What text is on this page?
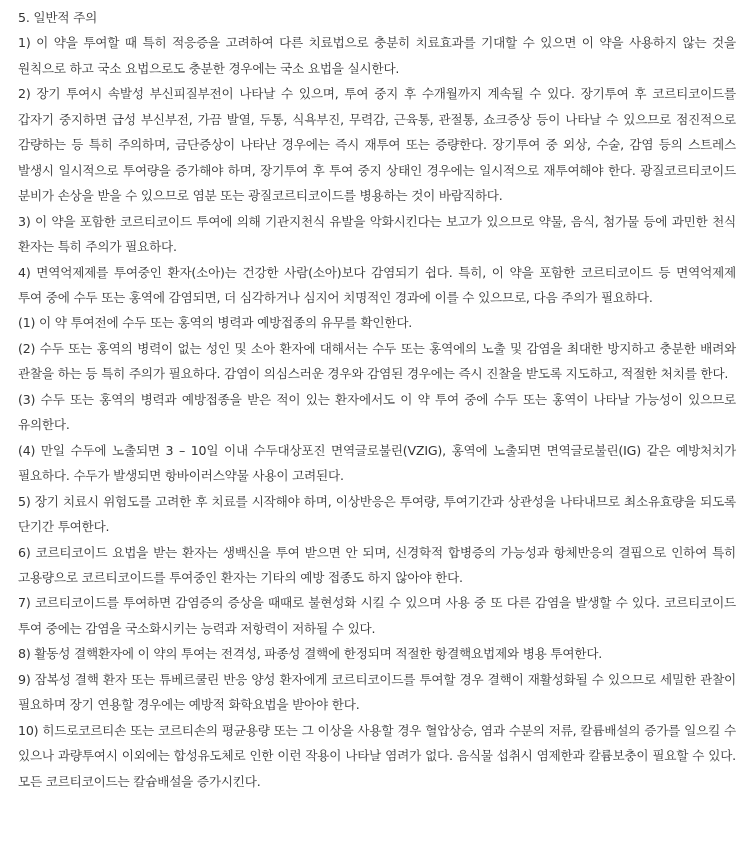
5. 일반적 주의

1) 이 약을 투여할 때 특히 적응증을 고려하여 다른 치료법으로 충분히 치료효과를 기대할 수 있으면 이 약을 사용하지 않는 것을 원칙으로 하고 국소 요법으로도 충분한 경우에는 국소 요법을 실시한다.

2) 장기 투여시 속발성 부신피질부전이 나타날 수 있으며, 투여 중지 후 수개월까지 계속될 수 있다. 장기투여 후 코르티코이드를 갑자기 중지하면 급성 부신부전, 가끔 발열, 두통, 식욕부진, 무력감, 근육통, 관절통, 쇼크증상 등이 나타날 수 있으므로 점진적으로 감량하는 등 특히 주의하며, 금단증상이 나타난 경우에는 즉시 재투여 또는 증량한다. 장기투여 중 외상, 수술, 감염 등의 스트레스 발생시 일시적으로 투여량을 증가해야 하며, 장기투여 후 투여 중지 상태인 경우에는 일시적으로 재투여해야 한다. 광질코르티코이드 분비가 손상을 받을 수 있으므로 염분 또는 광질코르티코이드를 병용하는 것이 바람직하다.

3) 이 약을 포함한 코르티코이드 투여에 의해 기관지천식 유발을 악화시킨다는 보고가 있으므로 약물, 음식, 첨가물 등에 과민한 천식 환자는 특히 주의가 필요하다.

4) 면역억제제를 투여중인 환자(소아)는 건강한 사람(소아)보다 감염되기 쉽다. 특히, 이 약을 포함한 코르티코이드 등 면역억제제 투여 중에 수두 또는 홍역에 감염되면, 더 심각하거나 심지어 치명적인 경과에 이를 수 있으므로, 다음 주의가 필요하다.

(1) 이 약 투여전에 수두 또는 홍역의 병력과 예방접종의 유무를 확인한다.

(2) 수두 또는 홍역의 병력이 없는 성인 및 소아 환자에 대해서는 수두 또는 홍역에의 노출 및 감염을 최대한 방지하고 충분한 배려와 관찰을 하는 등 특히 주의가 필요하다. 감염이 의심스러운 경우와 감염된 경우에는 즉시 진찰을 받도록 지도하고, 적절한 처치를 한다.

(3) 수두 또는 홍역의 병력과 예방접종을 받은 적이 있는 환자에서도 이 약 투여 중에 수두 또는 홍역이 나타날 가능성이 있으므로 유의한다.

(4) 만일 수두에 노출되면 3 – 10일 이내 수두대상포진 면역글로불린(VZIG), 홍역에 노출되면 면역글로불린(IG) 같은 예방처치가 필요하다. 수두가 발생되면 항바이러스약물 사용이 고려된다.

5) 장기 치료시 위험도를 고려한 후 치료를 시작해야 하며, 이상반응은 투여량, 투여기간과 상관성을 나타내므로 최소유효량을 되도록 단기간 투여한다.

6) 코르티코이드 요법을 받는 환자는 생백신을 투여 받으면 안 되며, 신경학적 합병증의 가능성과 항체반응의 결핍으로 인하여 특히 고용량으로 코르티코이드를 투여중인 환자는 기타의 예방 접종도 하지 않아야 한다.

7) 코르티코이드를 투여하면 감염증의 증상을 때때로 불현성화 시킬 수 있으며 사용 중 또 다른 감염을 발생할 수 있다. 코르티코이드 투여 중에는 감염을 국소화시키는 능력과 저항력이 저하될 수 있다.

8) 활동성 결핵환자에 이 약의 투여는 전격성, 파종성 결핵에 한정되며 적절한 항결핵요법제와 병용 투여한다.

9) 잠복성 결핵 환자 또는 튜베르쿨린 반응 양성 환자에게 코르티코이드를 투여할 경우 결핵이 재활성화될 수 있으므로 세밀한 관찰이 필요하며 장기 연용할 경우에는 예방적 화학요법을 받아야 한다.

10) 히드로코르티손 또는 코르티손의 평균용량 또는 그 이상을 사용할 경우 혈압상승, 염과 수분의 저류, 칼륨배설의 증가를 일으킬 수 있으나 과량투여시 이외에는 합성유도체로 인한 이런 작용이 나타날 염려가 없다. 음식물 섭취시 염제한과 칼륨보충이 필요할 수 있다. 모든 코르티코이드는 칼슘배설을 증가시킨다.
